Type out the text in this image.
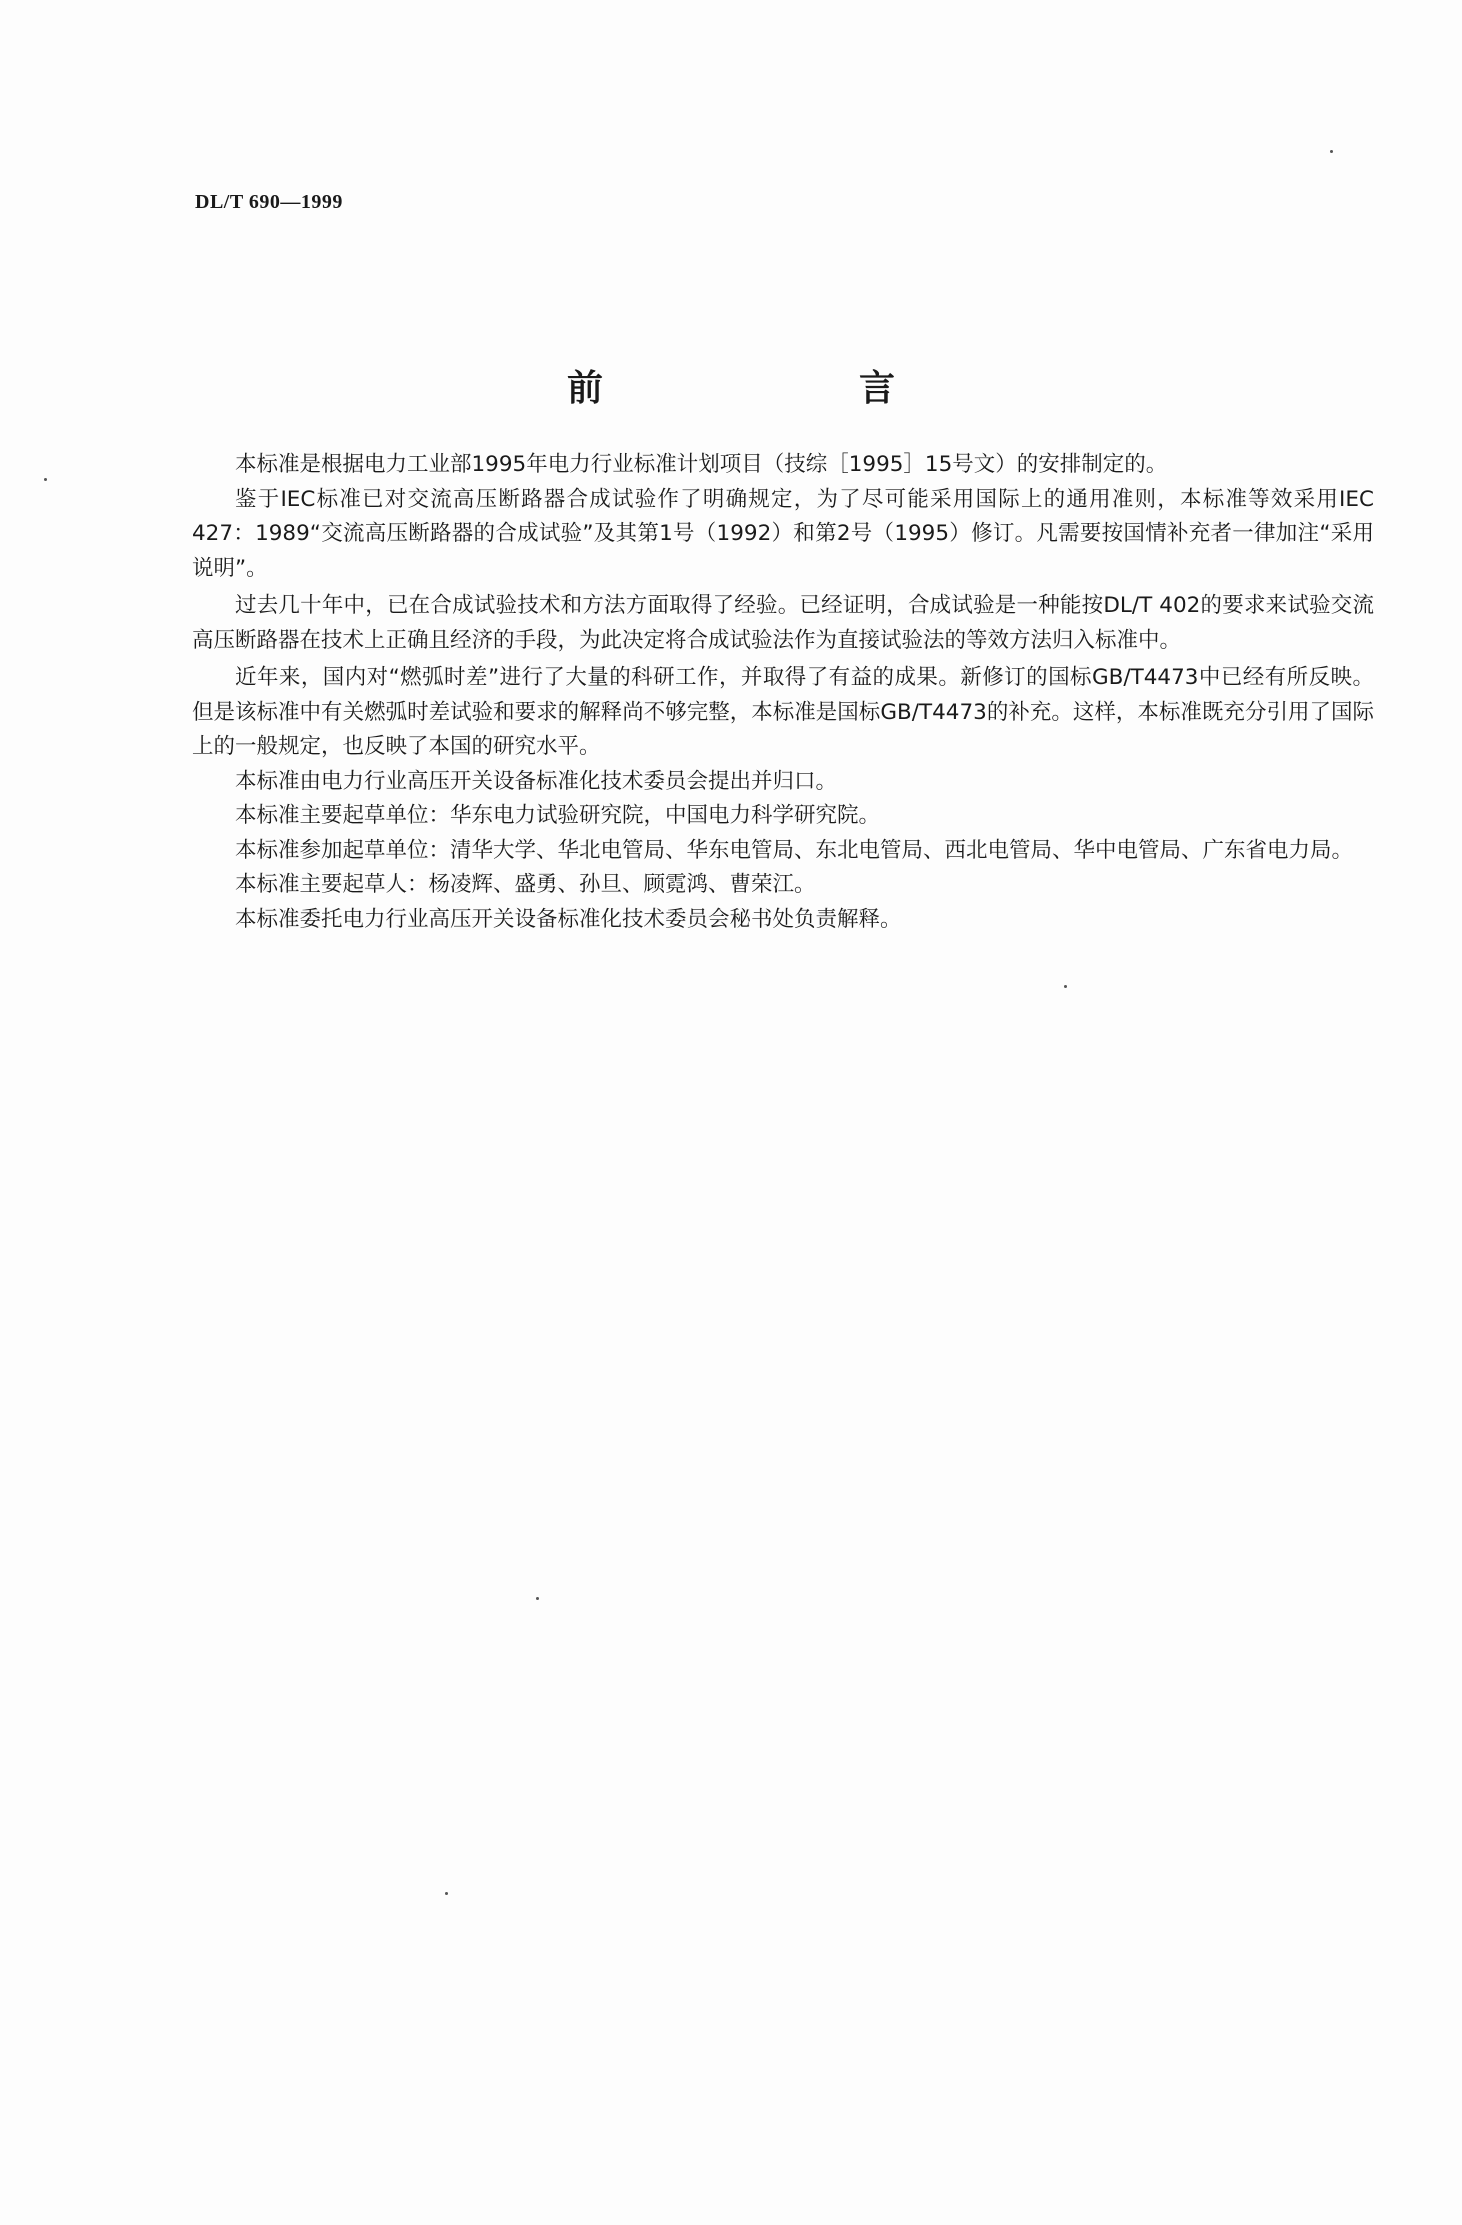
DL/T 690—1999
前　言

本标准是根据电力工业部1995年电力行业标准计划项目（技综［1995］15号文）的安排制定的。

鉴于IEC标准已对交流高压断路器合成试验作了明确规定，为了尽可能采用国际上的通用准则，本标准等效采用IEC 427：1989“交流高压断路器的合成试验”及其第1号（1992）和第2号（1995）修订。凡需要按国情补充者一律加注“采用说明”。

过去几十年中，已在合成试验技术和方法方面取得了经验。已经证明，合成试验是一种能按DL/T 402的要求来试验交流高压断路器在技术上正确且经济的手段，为此决定将合成试验法作为直接试验法的等效方法归入标准中。

近年来，国内对“燃弧时差”进行了大量的科研工作，并取得了有益的成果。新修订的国标GB/T4473中已经有所反映。但是该标准中有关燃弧时差试验和要求的解释尚不够完整，本标准是国标GB/T4473的补充。这样，本标准既充分引用了国际上的一般规定，也反映了本国的研究水平。

本标准由电力行业高压开关设备标准化技术委员会提出并归口。

本标准主要起草单位：华东电力试验研究院，中国电力科学研究院。

本标准参加起草单位：清华大学、华北电管局、华东电管局、东北电管局、西北电管局、华中电管局、广东省电力局。

本标准主要起草人：杨凌辉、盛勇、孙旦、顾霓鸿、曹荣江。

本标准委托电力行业高压开关设备标准化技术委员会秘书处负责解释。
